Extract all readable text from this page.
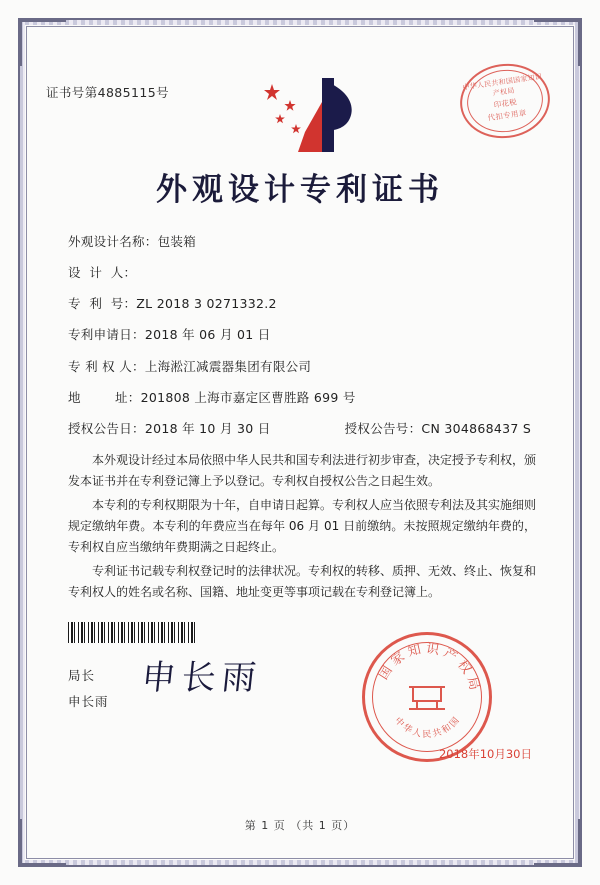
证书号第4885115号
中华人民共和国国家知识产权局
印花税
代扣专用章
外观设计专利证书
外观设计名称： 包装箱
设  计  人：
专  利  号： ZL 2018 3 0271332.2
专利申请日： 2018 年 06 月 01 日
专 利 权 人： 上海淞江减震器集团有限公司
地        址： 201808 上海市嘉定区曹胜路 699 号
授权公告日： 2018 年 10 月 30 日	授权公告号： CN 304868437 S

本外观设计经过本局依照中华人民共和国专利法进行初步审查，决定授予专利权，颁发本证书并在专利登记簿上予以登记。专利权自授权公告之日起生效。

本专利的专利权期限为十年，自申请日起算。专利权人应当依照专利法及其实施细则规定缴纳年费。本专利的年费应当在每年 06 月 01 日前缴纳。未按照规定缴纳年费的，专利权自应当缴纳年费期满之日起终止。

专利证书记载专利权登记时的法律状况。专利权的转移、质押、无效、终止、恢复和专利权人的姓名或名称、国籍、地址变更等事项记载在专利登记簿上。

局长
申长雨
申长雨	国家知识产权局
中华人民共和国
2018年10月30日
第 1 页 （共 1 页）
